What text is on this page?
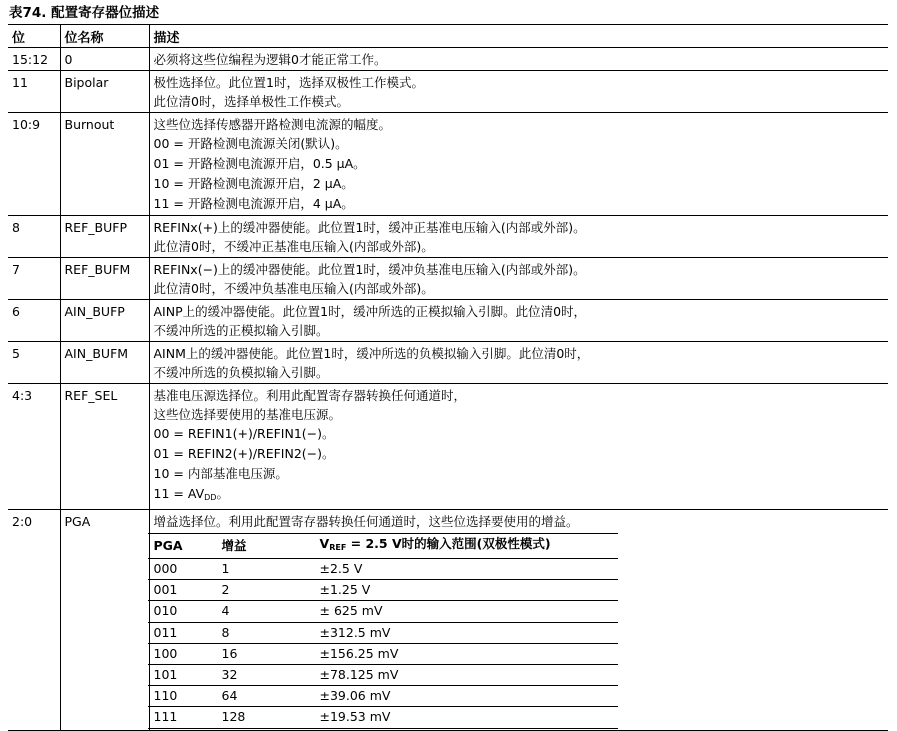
表74. 配置寄存器位描述
位	位名称	描述
15:12	0	必须将这些位编程为逻辑0才能正常工作。

11	Bipolar	极性选择位。此位置1时，选择双极性工作模式。
此位清0时，选择单极性工作模式。

10:9	Burnout	这些位选择传感器开路检测电流源的幅度。
00 = 开路检测电流源关闭(默认)。
01 = 开路检测电流源开启，0.5 μA。
10 = 开路检测电流源开启，2 μA。
11 = 开路检测电流源开启，4 μA。

8	REF_BUFP	REFINx(+)上的缓冲器使能。此位置1时，缓冲正基准电压输入(内部或外部)。
此位清0时，不缓冲正基准电压输入(内部或外部)。

7	REF_BUFM	REFINx(−)上的缓冲器使能。此位置1时，缓冲负基准电压输入(内部或外部)。
此位清0时，不缓冲负基准电压输入(内部或外部)。

6	AIN_BUFP	AINP上的缓冲器使能。此位置1时，缓冲所选的正模拟输入引脚。此位清0时，
不缓冲所选的正模拟输入引脚。

5	AIN_BUFM	AINM上的缓冲器使能。此位置1时，缓冲所选的负模拟输入引脚。此位清0时，
不缓冲所选的负模拟输入引脚。

4:3	REF_SEL	基准电压源选择位。利用此配置寄存器转换任何通道时，
这些位选择要使用的基准电压源。
00 = REFIN1(+)/REFIN1(−)。
01 = REFIN2(+)/REFIN2(−)。
10 = 内部基准电压源。
$11 = AV_{DD}$。

2:0	PGA	增益选择位。利用此配置寄存器转换任何通道时，这些位选择要使用的增益。
PGA	增益	$V_{REF} = 2.5$ V时的输入范围(双极性模式)
000	1	±2.5 V
001	2	±1.25 V
010	4	± 625 mV
011	8	±312.5 mV
100	16	±156.25 mV
101	32	±78.125 mV
110	64	±39.06 mV
111	128	±19.53 mV
